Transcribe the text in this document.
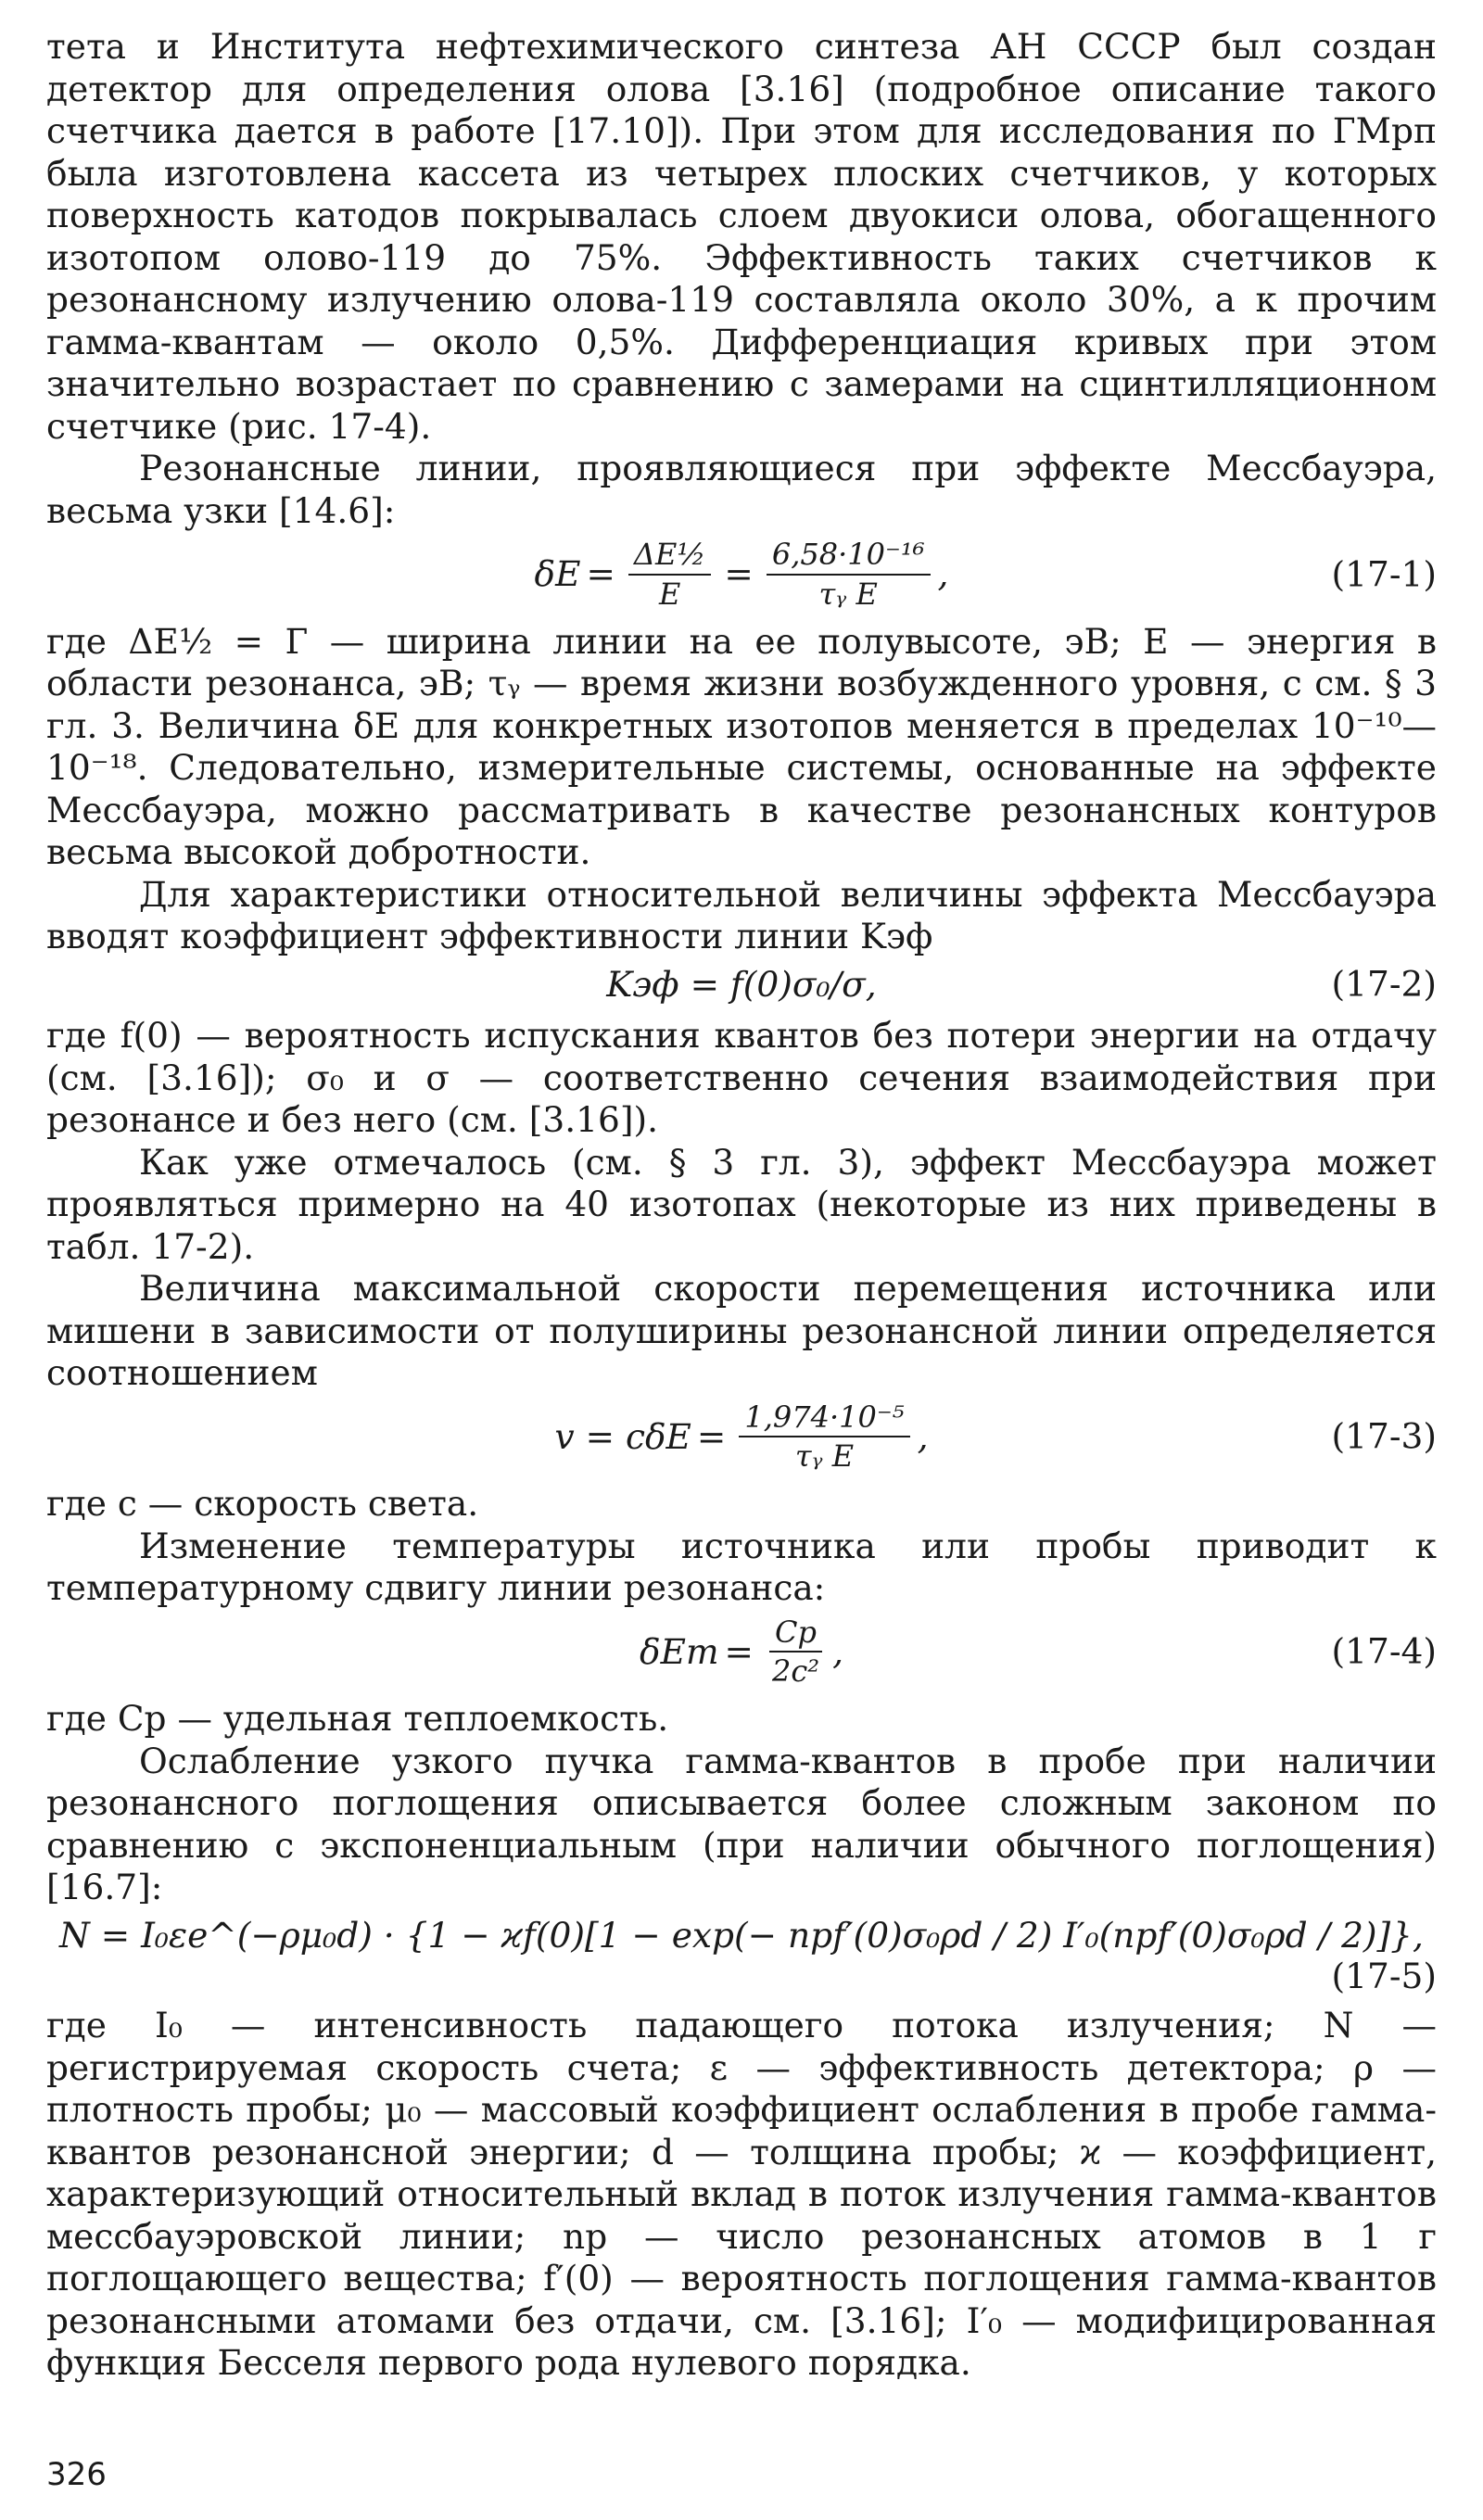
тета и Института нефтехимического синтеза АН СССР был создан детектор для определения олова [3.16] (подробное описание такого счетчика дается в работе [17.10]). При этом для исследования по ГМрп была изготовлена кассета из четырех плоских счетчиков, у которых поверхность катодов покрывалась слоем двуокиси олова, обогащенного изотопом олово-119 до 75%. Эффективность таких счетчиков к резонансному излучению олова-119 составляла около 30%, а к прочим гамма-квантам — около 0,5%. Дифференциация кривых при этом значительно возрастает по сравнению с замерами на сцинтилляционном счетчике (рис. 17-4).

Резонансные линии, проявляющиеся при эффекте Мессбауэра, весьма узки [14.6]:

$\delta E = \frac{\text{ΔE½}}{E} = \frac{\text{6,58·10⁻¹⁶}}{\text{τᵧ E}}$ ,	(17-1)

где ΔE½ = Г — ширина линии на ее полувысоте, эВ; E — энергия в области резонанса, эВ; τᵧ — время жизни возбужденного уровня, с см. § 3 гл. 3. Величина δE для конкретных изотопов меняется в пределах 10⁻¹⁰—10⁻¹⁸. Следовательно, измерительные системы, основанные на эффекте Мессбауэра, можно рассматривать в качестве резонансных контуров весьма высокой добротности.

Для характеристики относительной величины эффекта Мессбауэра вводят коэффициент эффективности линии Kэф

Kэф = f(0)σ₀/σ,	(17-2)

где f(0) — вероятность испускания квантов без потери энергии на отдачу (см. [3.16]); σ₀ и σ — соответственно сечения взаимодействия при резонансе и без него (см. [3.16]).

Как уже отмечалось (см. § 3 гл. 3), эффект Мессбауэра может проявляться примерно на 40 изотопах (некоторые из них приведены в табл. 17-2).

Величина максимальной скорости перемещения источника или мишени в зависимости от полуширины резонансной линии определяется соотношением

$v = c\delta E = \frac{\text{1,974·10⁻⁵}}{\text{τᵧ E}}$ ,	(17-3)

где c — скорость света.

Изменение температуры источника или пробы приводит к температурному сдвигу линии резонанса:

$\delta Eт = \frac{Cр}{\text{2c²}}$ ,	(17-4)

где Cр — удельная теплоемкость.

Ослабление узкого пучка гамма-квантов в пробе при наличии резонансного поглощения описывается более сложным законом по сравнению с экспоненциальным (при наличии обычного поглощения) [16.7]:

N = I₀εe^(−ρμ₀d) · {1 − ϰf(0)[1 − exp(− nрf′(0)σ₀ρd / 2) I′₀(nрf′(0)σ₀ρd / 2)]},
(17-5)

где I₀ — интенсивность падающего потока излучения; N — регистрируемая скорость счета; ε — эффективность детектора; ρ — плотность пробы; μ₀ — массовый коэффициент ослабления в пробе гамма-квантов резонансной энергии; d — толщина пробы; ϰ — коэффициент, характеризующий относительный вклад в поток излучения гамма-квантов мессбауэровской линии; nр — число резонансных атомов в 1 г поглощающего вещества; f′(0) — вероятность поглощения гамма-квантов резонансными атомами без отдачи, см. [3.16]; I′₀ — модифицированная функция Бесселя первого рода нулевого порядка.

326
